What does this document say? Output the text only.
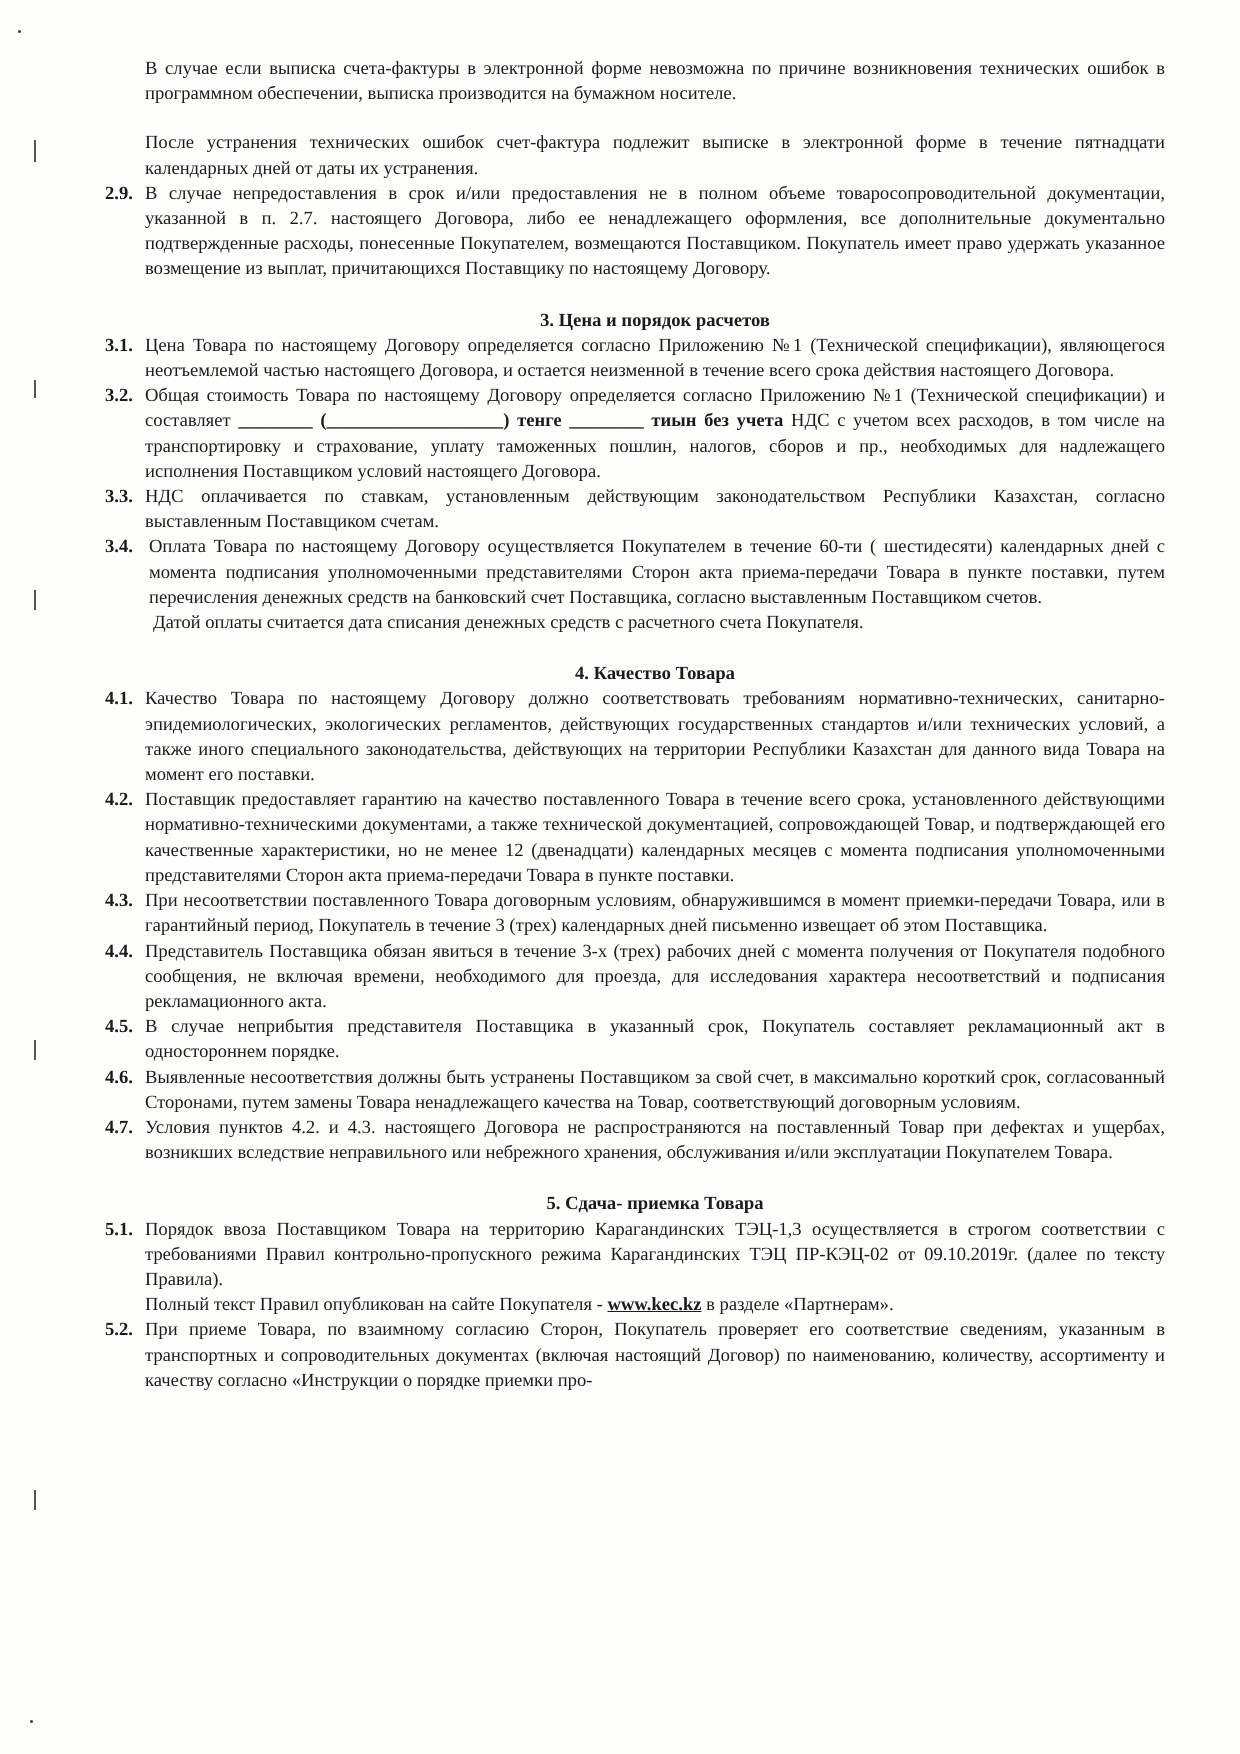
В случае если выписка счета-фактуры в электронной форме невозможна по причине возникновения технических ошибок в программном обеспечении, выписка производится на бумажном носителе.

После устранения технических ошибок счет-фактура подлежит выписке в электронной форме в течение пятнадцати календарных дней от даты их устранения.

2.9. В случае непредоставления в срок и/или предоставления не в полном объеме товаросопроводительной документации, указанной в п. 2.7. настоящего Договора, либо ее ненадлежащего оформления, все дополнительные документально подтвержденные расходы, понесенные Покупателем, возмещаются Поставщиком. Покупатель имеет право удержать указанное возмещение из выплат, причитающихся Поставщику по настоящему Договору.
3. Цена и порядок расчетов
3.1. Цена Товара по настоящему Договору определяется согласно Приложению №1 (Технической спецификации), являющегося неотъемлемой частью настоящего Договора, и остается неизменной в течение всего срока действия настоящего Договора.
3.2. Общая стоимость Товара по настоящему Договору определяется согласно Приложению №1 (Технической спецификации) и составляет ________ (___________________) тенге ________ тиын без учета НДС с учетом всех расходов, в том числе на транспортировку и страхование, уплату таможенных пошлин, налогов, сборов и пр., необходимых для надлежащего исполнения Поставщиком условий настоящего Договора.
3.3. НДС оплачивается по ставкам, установленным действующим законодательством Республики Казахстан, согласно выставленным Поставщиком счетам.
3.4. Оплата Товара по настоящему Договору осуществляется Покупателем в течение 60-ти ( шестидесяти) календарных дней с момента подписания уполномоченными представителями Сторон акта приема-передачи Товара в пункте поставки, путем перечисления денежных средств на банковский счет Поставщика, согласно выставленным Поставщиком счетов.

Датой оплаты считается дата списания денежных средств с расчетного счета Покупателя.

4. Качество Товара
4.1. Качество Товара по настоящему Договору должно соответствовать требованиям нормативно-технических, санитарно-эпидемиологических, экологических регламентов, действующих государственных стандартов и/или технических условий, а также иного специального законодательства, действующих на территории Республики Казахстан для данного вида Товара на момент его поставки.
4.2. Поставщик предоставляет гарантию на качество поставленного Товара в течение всего срока, установленного действующими нормативно-техническими документами, а также технической документацией, сопровождающей Товар, и подтверждающей его качественные характеристики, но не менее 12 (двенадцати) календарных месяцев с момента подписания уполномоченными представителями Сторон акта приема-передачи Товара в пункте поставки.
4.3. При несоответствии поставленного Товара договорным условиям, обнаружившимся в момент приемки-передачи Товара, или в гарантийный период, Покупатель в течение 3 (трех) календарных дней письменно извещает об этом Поставщика.
4.4. Представитель Поставщика обязан явиться в течение 3-х (трех) рабочих дней с момента получения от Покупателя подобного сообщения, не включая времени, необходимого для проезда, для исследования характера несоответствий и подписания рекламационного акта.
4.5. В случае неприбытия представителя Поставщика в указанный срок, Покупатель составляет рекламационный акт в одностороннем порядке.
4.6. Выявленные несоответствия должны быть устранены Поставщиком за свой счет, в максимально короткий срок, согласованный Сторонами, путем замены Товара ненадлежащего качества на Товар, соответствующий договорным условиям.
4.7. Условия пунктов 4.2. и 4.3. настоящего Договора не распространяются на поставленный Товар при дефектах и ущербах, возникших вследствие неправильного или небрежного хранения, обслуживания и/или эксплуатации Покупателем Товара.
5. Сдача- приемка Товара
5.1. Порядок ввоза Поставщиком Товара на территорию Карагандинских ТЭЦ-1,3 осуществляется в строгом соответствии с требованиями Правил контрольно-пропускного режима Карагандинских ТЭЦ ПР-КЭЦ-02 от 09.10.2019г. (далее по тексту Правила).

Полный текст Правил опубликован на сайте Покупателя - www.kec.kz в разделе «Партнерам».

5.2. При приеме Товара, по взаимному согласию Сторон, Покупатель проверяет его соответствие сведениям, указанным в транспортных и сопроводительных документах (включая настоящий Договор) по наименованию, количеству, ассортименту и качеству согласно «Инструкции о порядке приемки про-
